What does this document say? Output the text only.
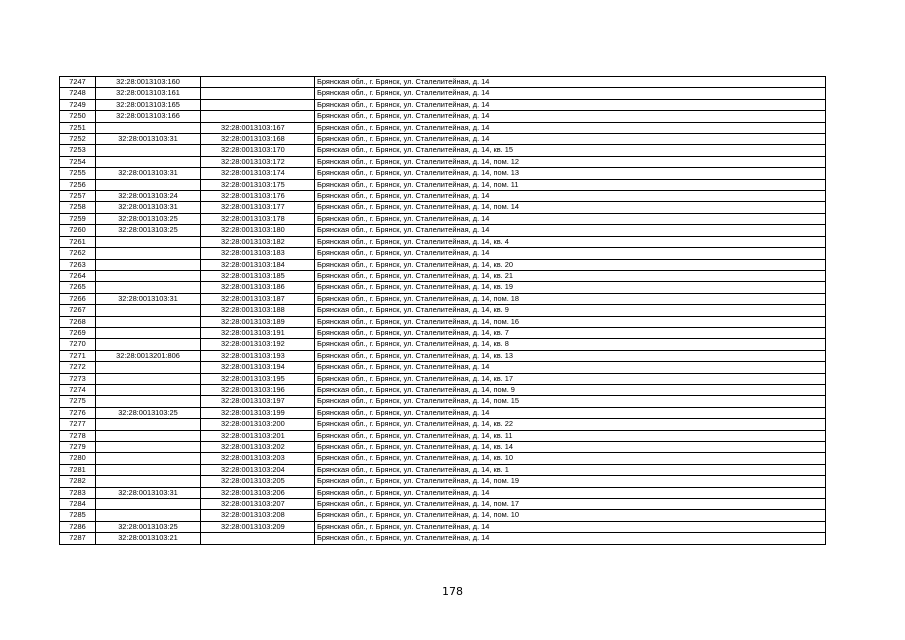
7247	32:28:0013103:160		Брянская обл., г. Брянск, ул. Сталелитейная, д. 14
7248	32:28:0013103:161		Брянская обл., г. Брянск, ул. Сталелитейная, д. 14
7249	32:28:0013103:165		Брянская обл., г. Брянск, ул. Сталелитейная, д. 14
7250	32:28:0013103:166		Брянская обл., г. Брянск, ул. Сталелитейная, д. 14
7251		32:28:0013103:167	Брянская обл., г. Брянск, ул. Сталелитейная, д. 14
7252	32:28:0013103:31	32:28:0013103:168	Брянская обл., г. Брянск, ул. Сталелитейная, д. 14
7253		32:28:0013103:170	Брянская обл., г. Брянск, ул. Сталелитейная, д. 14, кв. 15
7254		32:28:0013103:172	Брянская обл., г. Брянск, ул. Сталелитейная, д. 14, пом. 12
7255	32:28:0013103:31	32:28:0013103:174	Брянская обл., г. Брянск, ул. Сталелитейная, д. 14, пом. 13
7256		32:28:0013103:175	Брянская обл., г. Брянск, ул. Сталелитейная, д. 14, пом. 11
7257	32:28:0013103:24	32:28:0013103:176	Брянская обл., г. Брянск, ул. Сталелитейная, д. 14
7258	32:28:0013103:31	32:28:0013103:177	Брянская обл., г. Брянск, ул. Сталелитейная, д. 14, пом. 14
7259	32:28:0013103:25	32:28:0013103:178	Брянская обл., г. Брянск, ул. Сталелитейная, д. 14
7260	32:28:0013103:25	32:28:0013103:180	Брянская обл., г. Брянск, ул. Сталелитейная, д. 14
7261		32:28:0013103:182	Брянская обл., г. Брянск, ул. Сталелитейная, д. 14, кв. 4
7262		32:28:0013103:183	Брянская обл., г. Брянск, ул. Сталелитейная, д. 14
7263		32:28:0013103:184	Брянская обл., г. Брянск, ул. Сталелитейная, д. 14, кв. 20
7264		32:28:0013103:185	Брянская обл., г. Брянск, ул. Сталелитейная, д. 14, кв. 21
7265		32:28:0013103:186	Брянская обл., г. Брянск, ул. Сталелитейная, д. 14, кв. 19
7266	32:28:0013103:31	32:28:0013103:187	Брянская обл., г. Брянск, ул. Сталелитейная, д. 14, пом. 18
7267		32:28:0013103:188	Брянская обл., г. Брянск, ул. Сталелитейная, д. 14, кв. 9
7268		32:28:0013103:189	Брянская обл., г. Брянск, ул. Сталелитейная, д. 14, пом. 16
7269		32:28:0013103:191	Брянская обл., г. Брянск, ул. Сталелитейная, д. 14, кв. 7
7270		32:28:0013103:192	Брянская обл., г. Брянск, ул. Сталелитейная, д. 14, кв. 8
7271	32:28:0013201:806	32:28:0013103:193	Брянская обл., г. Брянск, ул. Сталелитейная, д. 14, кв. 13
7272		32:28:0013103:194	Брянская обл., г. Брянск, ул. Сталелитейная, д. 14
7273		32:28:0013103:195	Брянская обл., г. Брянск, ул. Сталелитейная, д. 14, кв. 17
7274		32:28:0013103:196	Брянская обл., г. Брянск, ул. Сталелитейная, д. 14, пом. 9
7275		32:28:0013103:197	Брянская обл., г. Брянск, ул. Сталелитейная, д. 14, пом. 15
7276	32:28:0013103:25	32:28:0013103:199	Брянская обл., г. Брянск, ул. Сталелитейная, д. 14
7277		32:28:0013103:200	Брянская обл., г. Брянск, ул. Сталелитейная, д. 14, кв. 22
7278		32:28:0013103:201	Брянская обл., г. Брянск, ул. Сталелитейная, д. 14, кв. 11
7279		32:28:0013103:202	Брянская обл., г. Брянск, ул. Сталелитейная, д. 14, кв. 14
7280		32:28:0013103:203	Брянская обл., г. Брянск, ул. Сталелитейная, д. 14, кв. 10
7281		32:28:0013103:204	Брянская обл., г. Брянск, ул. Сталелитейная, д. 14, кв. 1
7282		32:28:0013103:205	Брянская обл., г. Брянск, ул. Сталелитейная, д. 14, пом. 19
7283	32:28:0013103:31	32:28:0013103:206	Брянская обл., г. Брянск, ул. Сталелитейная, д. 14
7284		32:28:0013103:207	Брянская обл., г. Брянск, ул. Сталелитейная, д. 14, пом. 17
7285		32:28:0013103:208	Брянская обл., г. Брянск, ул. Сталелитейная, д. 14, пом. 10
7286	32:28:0013103:25	32:28:0013103:209	Брянская обл., г. Брянск, ул. Сталелитейная, д. 14
7287	32:28:0013103:21		Брянская обл., г. Брянск, ул. Сталелитейная, д. 14
178
